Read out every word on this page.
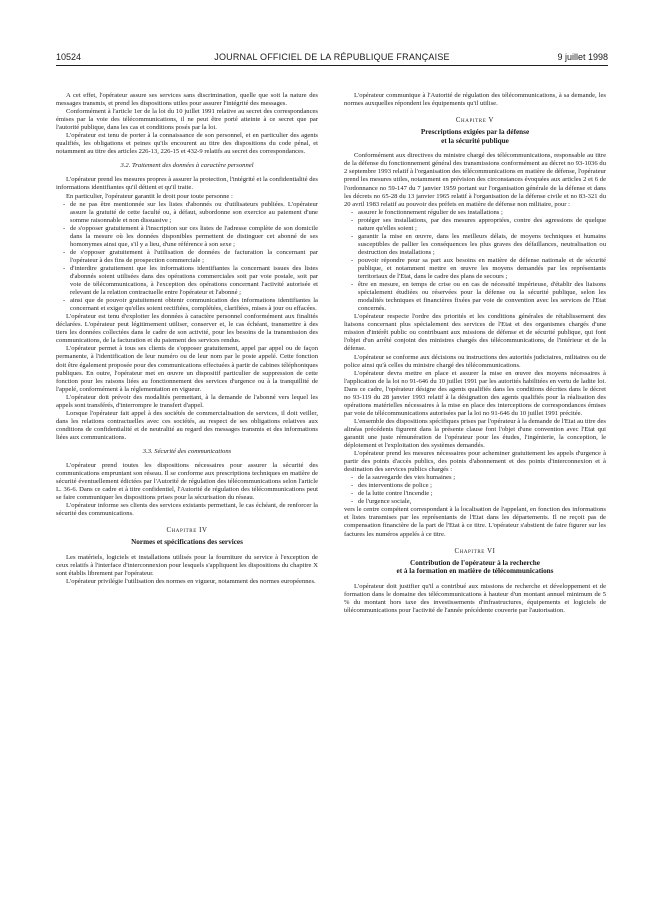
10524	JOURNAL OFFICIEL DE LA RÉPUBLIQUE FRANÇAISE	9 juillet 1998

A cet effet, l'opérateur assure ses services sans discrimination, quelle que soit la nature des messages transmis, et prend les dispositions utiles pour assurer l'intégrité des messages.

Conformément à l'article 1er de la loi du 10 juillet 1991 relative au secret des correspondances émises par la voie des télécommunications, il ne peut être porté atteinte à ce secret que par l'autorité publique, dans les cas et conditions posés par la loi.

L'opérateur est tenu de porter à la connaissance de son personnel, et en particulier des agents qualifiés, les obligations et peines qu'ils encourent au titre des dispositions du code pénal, et notamment au titre des articles 226-13, 226-15 et 432-9 relatifs au secret des correspondances.

3.2. Traitement des données à caractère personnel

L'opérateur prend les mesures propres à assurer la protection, l'intégrité et la confidentialité des informations identifiantes qu'il détient et qu'il traite.

En particulier, l'opérateur garantit le droit pour toute personne :

- de ne pas être mentionnée sur les listes d'abonnés ou d'utilisateurs publiées. L'opérateur assure la gratuité de cette faculté ou, à défaut, subordonne son exercice au paiement d'une somme raisonnable et non dissuasive ;
- de s'opposer gratuitement à l'inscription sur ces listes de l'adresse complète de son domicile dans la mesure où les données disponibles permettent de distinguer cet abonné de ses homonymes ainsi que, s'il y a lieu, d'une référence à son sexe ;
- de s'opposer gratuitement à l'utilisation de données de facturation la concernant par l'opérateur à des fins de prospection commerciale ;
- d'interdire gratuitement que les informations identifiantes la concernant issues des listes d'abonnés soient utilisées dans des opérations commerciales soit par voie postale, soit par voie de télécommunications, à l'exception des opérations concernant l'activité autorisée et relevant de la relation contractuelle entre l'opérateur et l'abonné ;
- ainsi que de pouvoir gratuitement obtenir communication des informations identifiantes la concernant et exiger qu'elles soient rectifiées, complétées, clarifiées, mises à jour ou effacées.

L'opérateur est tenu d'exploiter les données à caractère personnel conformément aux finalités déclarées. L'opérateur peut légitimement utiliser, conserver et, le cas échéant, transmettre à des tiers les données collectées dans le cadre de son activité, pour les besoins de la transmission des communications, de la facturation et du paiement des services rendus.

L'opérateur permet à tous ses clients de s'opposer gratuitement, appel par appel ou de façon permanente, à l'identification de leur numéro ou de leur nom par le poste appelé. Cette fonction doit être également proposée pour des communications effectuées à partir de cabines téléphoniques publiques. En outre, l'opérateur met en œuvre un dispositif particulier de suppression de cette fonction pour les raisons liées au fonctionnement des services d'urgence ou à la tranquillité de l'appelé, conformément à la réglementation en vigueur.

L'opérateur doit prévoir des modalités permettant, à la demande de l'abonné vers lequel les appels sont transférés, d'interrompre le transfert d'appel.

Lorsque l'opérateur fait appel à des sociétés de commercialisation de services, il doit veiller, dans les relations contractuelles avec ces sociétés, au respect de ses obligations relatives aux conditions de confidentialité et de neutralité au regard des messages transmis et des informations liées aux communications.

3.3. Sécurité des communications

L'opérateur prend toutes les dispositions nécessaires pour assurer la sécurité des communications empruntant son réseau. Il se conforme aux prescriptions techniques en matière de sécurité éventuellement édictées par l'Autorité de régulation des télécommunications selon l'article L. 36-6. Dans ce cadre et à titre confidentiel, l'Autorité de régulation des télécommunications peut se faire communiquer les dispositions prises pour la sécurisation du réseau.

L'opérateur informe ses clients des services existants permettant, le cas échéant, de renforcer la sécurité des communications.

Chapitre IV

Normes et spécifications des services

Les matériels, logiciels et installations utilisés pour la fourniture du service à l'exception de ceux relatifs à l'interface d'interconnexion pour lesquels s'appliquent les dispositions du chapitre X sont établis librement par l'opérateur.

L'opérateur privilégie l'utilisation des normes en vigueur, notamment des normes européennes.

L'opérateur communique à l'Autorité de régulation des télécommunications, à sa demande, les normes auxquelles répondent les équipements qu'il utilise.

Chapitre V

Prescriptions exigées par la défense
et la sécurité publique

Conformément aux directives du ministre chargé des télécommunications, responsable au titre de la défense du fonctionnement général des transmissions conformément au décret no 93-1036 du 2 septembre 1993 relatif à l'organisation des télécommunications en matière de défense, l'opérateur prend les mesures utiles, notamment en prévision des circonstances évoquées aux articles 2 et 6 de l'ordonnance no 59-147 du 7 janvier 1959 portant sur l'organisation générale de la défense et dans les décrets no 65-28 du 13 janvier 1965 relatif à l'organisation de la défense civile et no 83-321 du 20 avril 1983 relatif au pouvoir des préfets en matière de défense non militaire, pour :

- assurer le fonctionnement régulier de ses installations ;
- protéger ses installations, par des mesures appropriées, contre des agressions de quelque nature qu'elles soient ;
- garantir la mise en œuvre, dans les meilleurs délais, de moyens techniques et humains susceptibles de pallier les conséquences les plus graves des défaillances, neutralisation ou destruction des installations ;
- pouvoir répondre pour sa part aux besoins en matière de défense nationale et de sécurité publique, et notamment mettre en œuvre les moyens demandés par les représentants territoriaux de l'Etat, dans le cadre des plans de secours ;
- être en mesure, en temps de crise ou en cas de nécessité impérieuse, d'établir des liaisons spécialement étudiées ou réservées pour la défense ou la sécurité publique, selon les modalités techniques et financières fixées par voie de convention avec les services de l'Etat concernés.

L'opérateur respecte l'ordre des priorités et les conditions générales de rétablissement des liaisons concernant plus spécialement des services de l'Etat et des organismes chargés d'une mission d'intérêt public ou contribuant aux missions de défense et de sécurité publique, qui font l'objet d'un arrêté conjoint des ministres chargés des télécommunications, de l'intérieur et de la défense.

L'opérateur se conforme aux décisions ou instructions des autorités judiciaires, militaires ou de police ainsi qu'à celles du ministre chargé des télécommunications.

L'opérateur devra mettre en place et assurer la mise en œuvre des moyens nécessaires à l'application de la loi no 91-646 du 10 juillet 1991 par les autorités habilitées en vertu de ladite loi. Dans ce cadre, l'opérateur désigne des agents qualifiés dans les conditions décrites dans le décret no 93-119 du 28 janvier 1993 relatif à la désignation des agents qualifiés pour la réalisation des opérations matérielles nécessaires à la mise en place des interceptions de correspondances émises par voie de télécommunications autorisées par la loi no 91-646 du 10 juillet 1991 précitée.

L'ensemble des dispositions spécifiques prises par l'opérateur à la demande de l'Etat au titre des alinéas précédents figurent dans la présente clause font l'objet d'une convention avec l'Etat qui garantit une juste rémunération de l'opérateur pour les études, l'ingénierie, la conception, le déploiement et l'exploitation des systèmes demandés.

L'opérateur prend les mesures nécessaires pour acheminer gratuitement les appels d'urgence à partir des points d'accès publics, des points d'abonnement et des points d'interconnexion et à destination des services publics chargés :

- de la sauvegarde des vies humaines ;
- des interventions de police ;
- de la lutte contre l'incendie ;
- de l'urgence sociale,

vers le centre compétent correspondant à la localisation de l'appelant, en fonction des informations et listes transmises par les représentants de l'Etat dans les départements. Il ne reçoit pas de compensation financière de la part de l'Etat à ce titre. L'opérateur s'abstient de faire figurer sur les factures les numéros appelés à ce titre.

Chapitre VI

Contribution de l'opérateur à la recherche
et à la formation en matière de télécommunications

L'opérateur doit justifier qu'il a contribué aux missions de recherche et développement et de formation dans le domaine des télécommunications à hauteur d'un montant annuel minimum de 5 % du montant hors taxe des investissements d'infrastructures, équipements et logiciels de télécommunications pour l'activité de l'année précédente couverte par l'autorisation.
